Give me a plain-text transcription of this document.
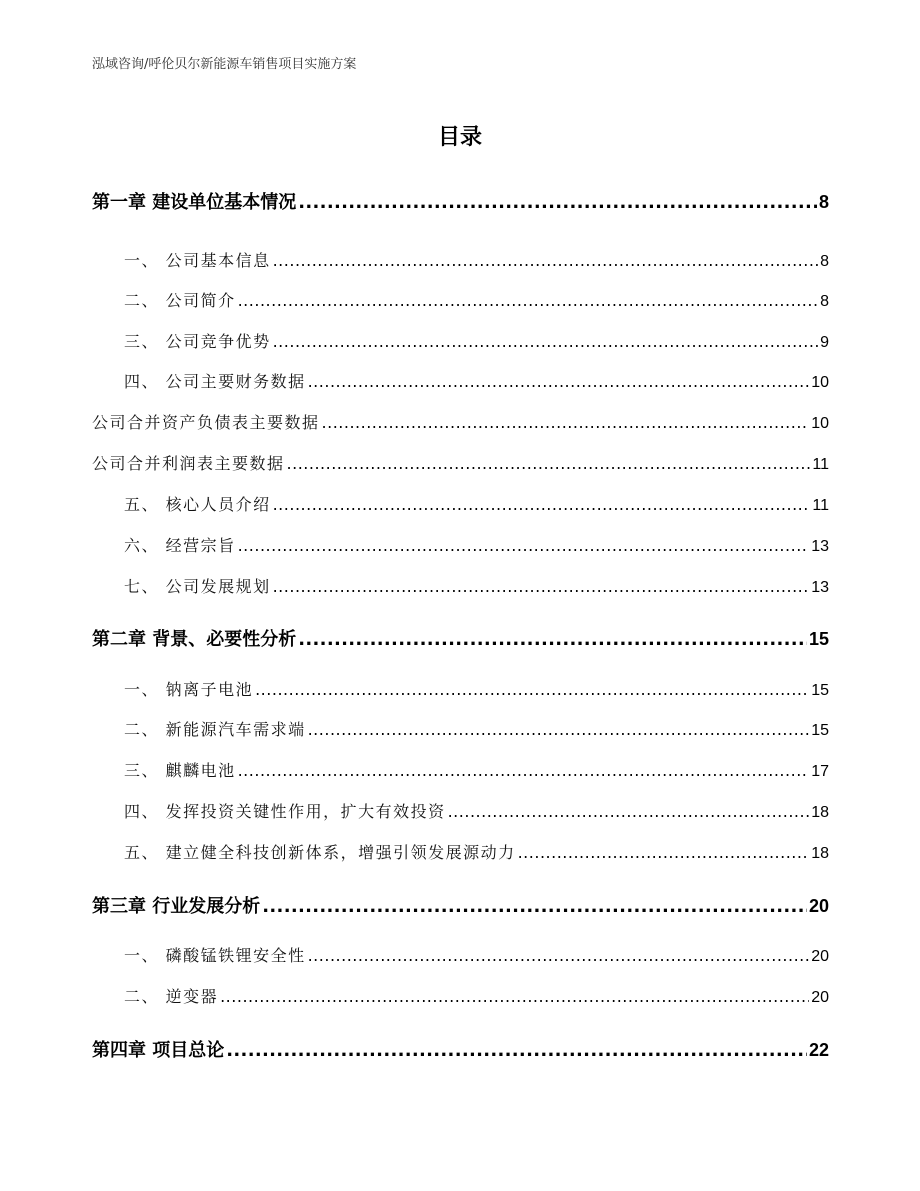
泓域咨询/呼伦贝尔新能源车销售项目实施方案
目录
第一章 建设单位基本情况 .....	8
一、 公司基本信息 .....	8
二、 公司简介 .....	8
三、 公司竞争优势 .....	9
四、 公司主要财务数据 .....	10
公司合并资产负债表主要数据 .....	10
公司合并利润表主要数据 .....	11
五、 核心人员介绍 .....	11
六、 经营宗旨 .....	13
七、 公司发展规划 .....	13
第二章 背景、必要性分析 .....	15
一、 钠离子电池 .....	15
二、 新能源汽车需求端 .....	15
三、 麒麟电池 .....	17
四、 发挥投资关键性作用，扩大有效投资 .....	18
五、 建立健全科技创新体系，增强引领发展源动力 .....	18
第三章 行业发展分析 .....	20
一、 磷酸锰铁锂安全性 .....	20
二、 逆变器 .....	20
第四章 项目总论 .....	22
